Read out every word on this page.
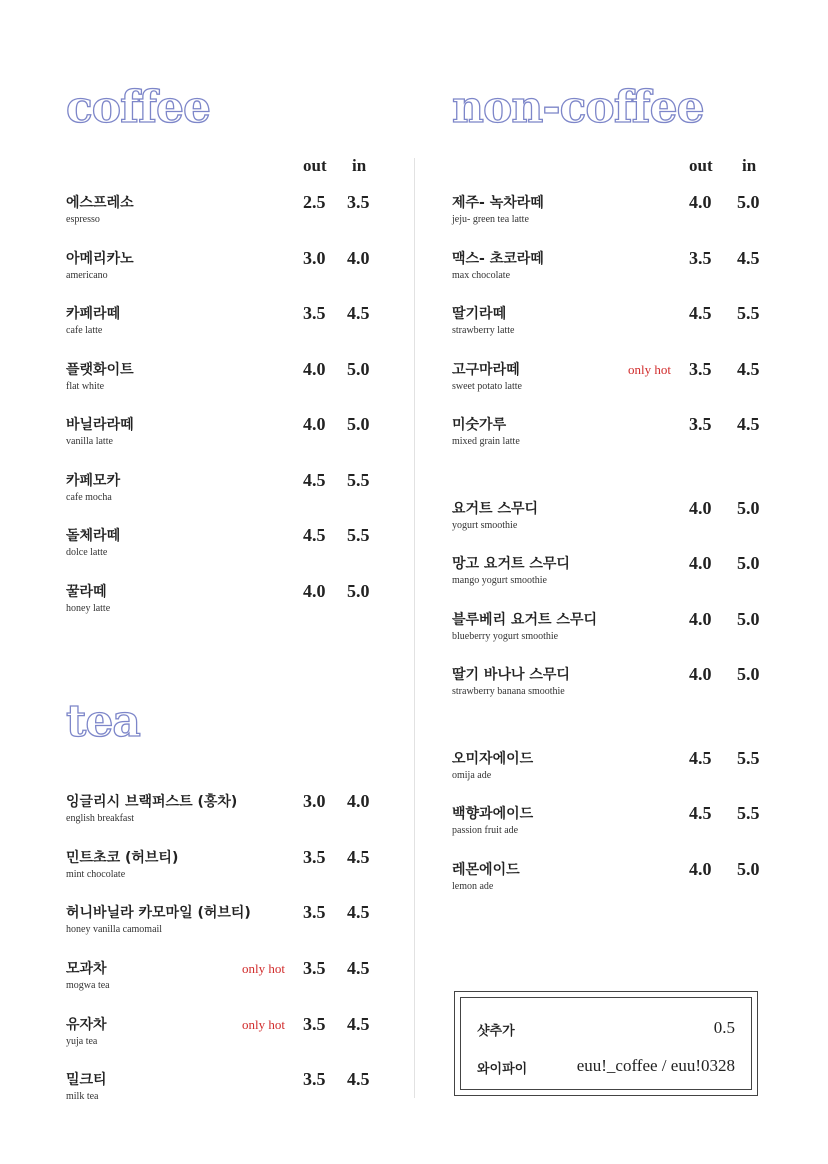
coffee
out in
에스프레소
espresso
2.5 3.5
아메리카노
americano
3.0 4.0
카페라떼
cafe latte
3.5 4.5
플랫화이트
flat white
4.0 5.0
바닐라라떼
vanilla latte
4.0 5.0
카페모카
cafe mocha
4.5 5.5
돌체라떼
dolce latte
4.5 5.5
꿀라떼
honey latte
4.0 5.0
tea
잉글리시 브랙퍼스트 (홍차)
english breakfast
3.0 4.0
민트초코 (허브티)
mint chocolate
3.5 4.5
허니바닐라 카모마일 (허브티)
honey vanilla camomail
3.5 4.5
모과차
mogwa tea
only hot 3.5 4.5
유자차
yuja tea
only hot 3.5 4.5
밀크티
milk tea
3.5 4.5
non-coffee
out in
제주- 녹차라떼
jeju- green tea latte
4.0 5.0
맥스- 초코라떼
max chocolate
3.5 4.5
딸기라떼
strawberry latte
4.5 5.5
고구마라떼
sweet potato latte
only hot 3.5 4.5
미숫가루
mixed grain latte
3.5 4.5
요거트 스무디
yogurt smoothie
4.0 5.0
망고 요거트 스무디
mango yogurt smoothie
4.0 5.0
블루베리 요거트 스무디
blueberry yogurt smoothie
4.0 5.0
딸기 바나나 스무디
strawberry banana smoothie
4.0 5.0
오미자에이드
omija ade
4.5 5.5
백향과에이드
passion fruit ade
4.5 5.5
레몬에이드
lemon ade
4.0 5.0
샷추가	0.5
와이파이	euu!_coffee / euu!0328
